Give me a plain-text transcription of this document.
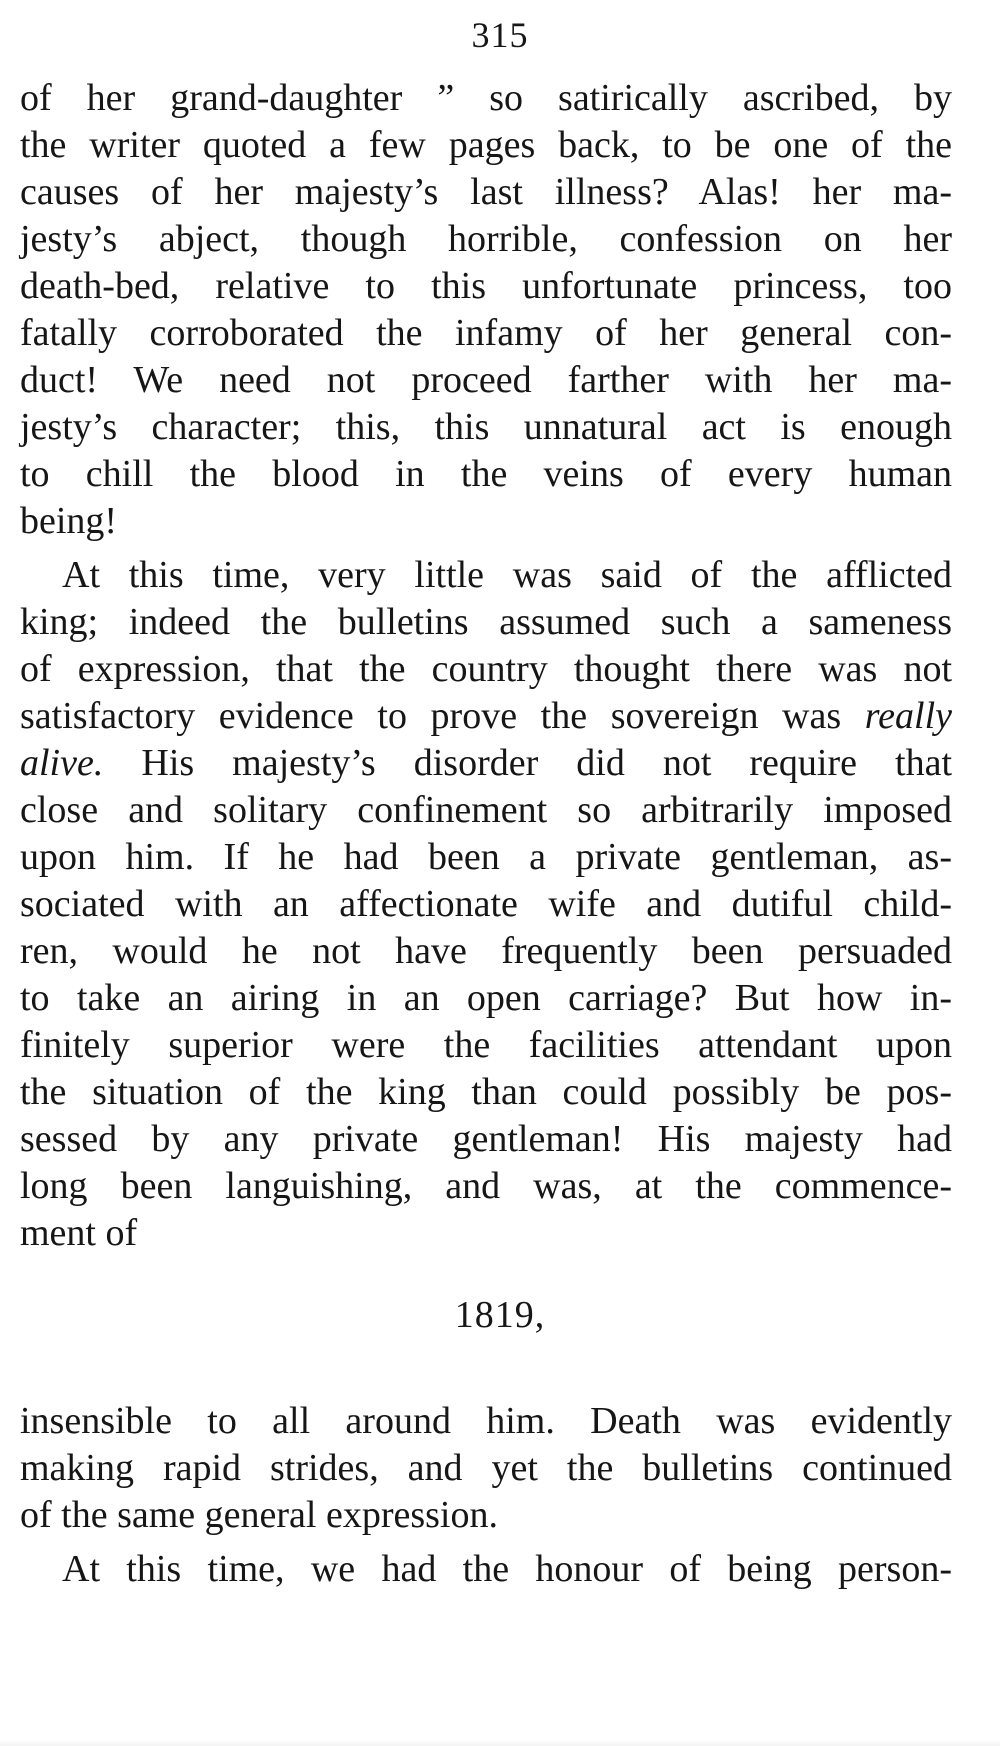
315
of her grand-daughter ” so satirically ascribed, by
the writer quoted a few pages back, to be one of the
causes of her majesty’s last illness? Alas! her ma-
jesty’s abject, though horrible, confession on her
death-bed, relative to this unfortunate princess, too
fatally corroborated the infamy of her general con-
duct! We need not proceed farther with her ma-
jesty’s character; this, this unnatural act is enough
to chill the blood in the veins of every human
being!
At this time, very little was said of the afflicted
king; indeed the bulletins assumed such a sameness
of expression, that the country thought there was not
satisfactory evidence to prove the sovereign was really
alive. His majesty’s disorder did not require that
close and solitary confinement so arbitrarily imposed
upon him. If he had been a private gentleman, as-
sociated with an affectionate wife and dutiful child-
ren, would he not have frequently been persuaded
to take an airing in an open carriage? But how in-
finitely superior were the facilities attendant upon
the situation of the king than could possibly be pos-
sessed by any private gentleman! His majesty had
long been languishing, and was, at the commence-
ment of
1819,
insensible to all around him. Death was evidently
making rapid strides, and yet the bulletins continued
of the same general expression.
At this time, we had the honour of being person-
